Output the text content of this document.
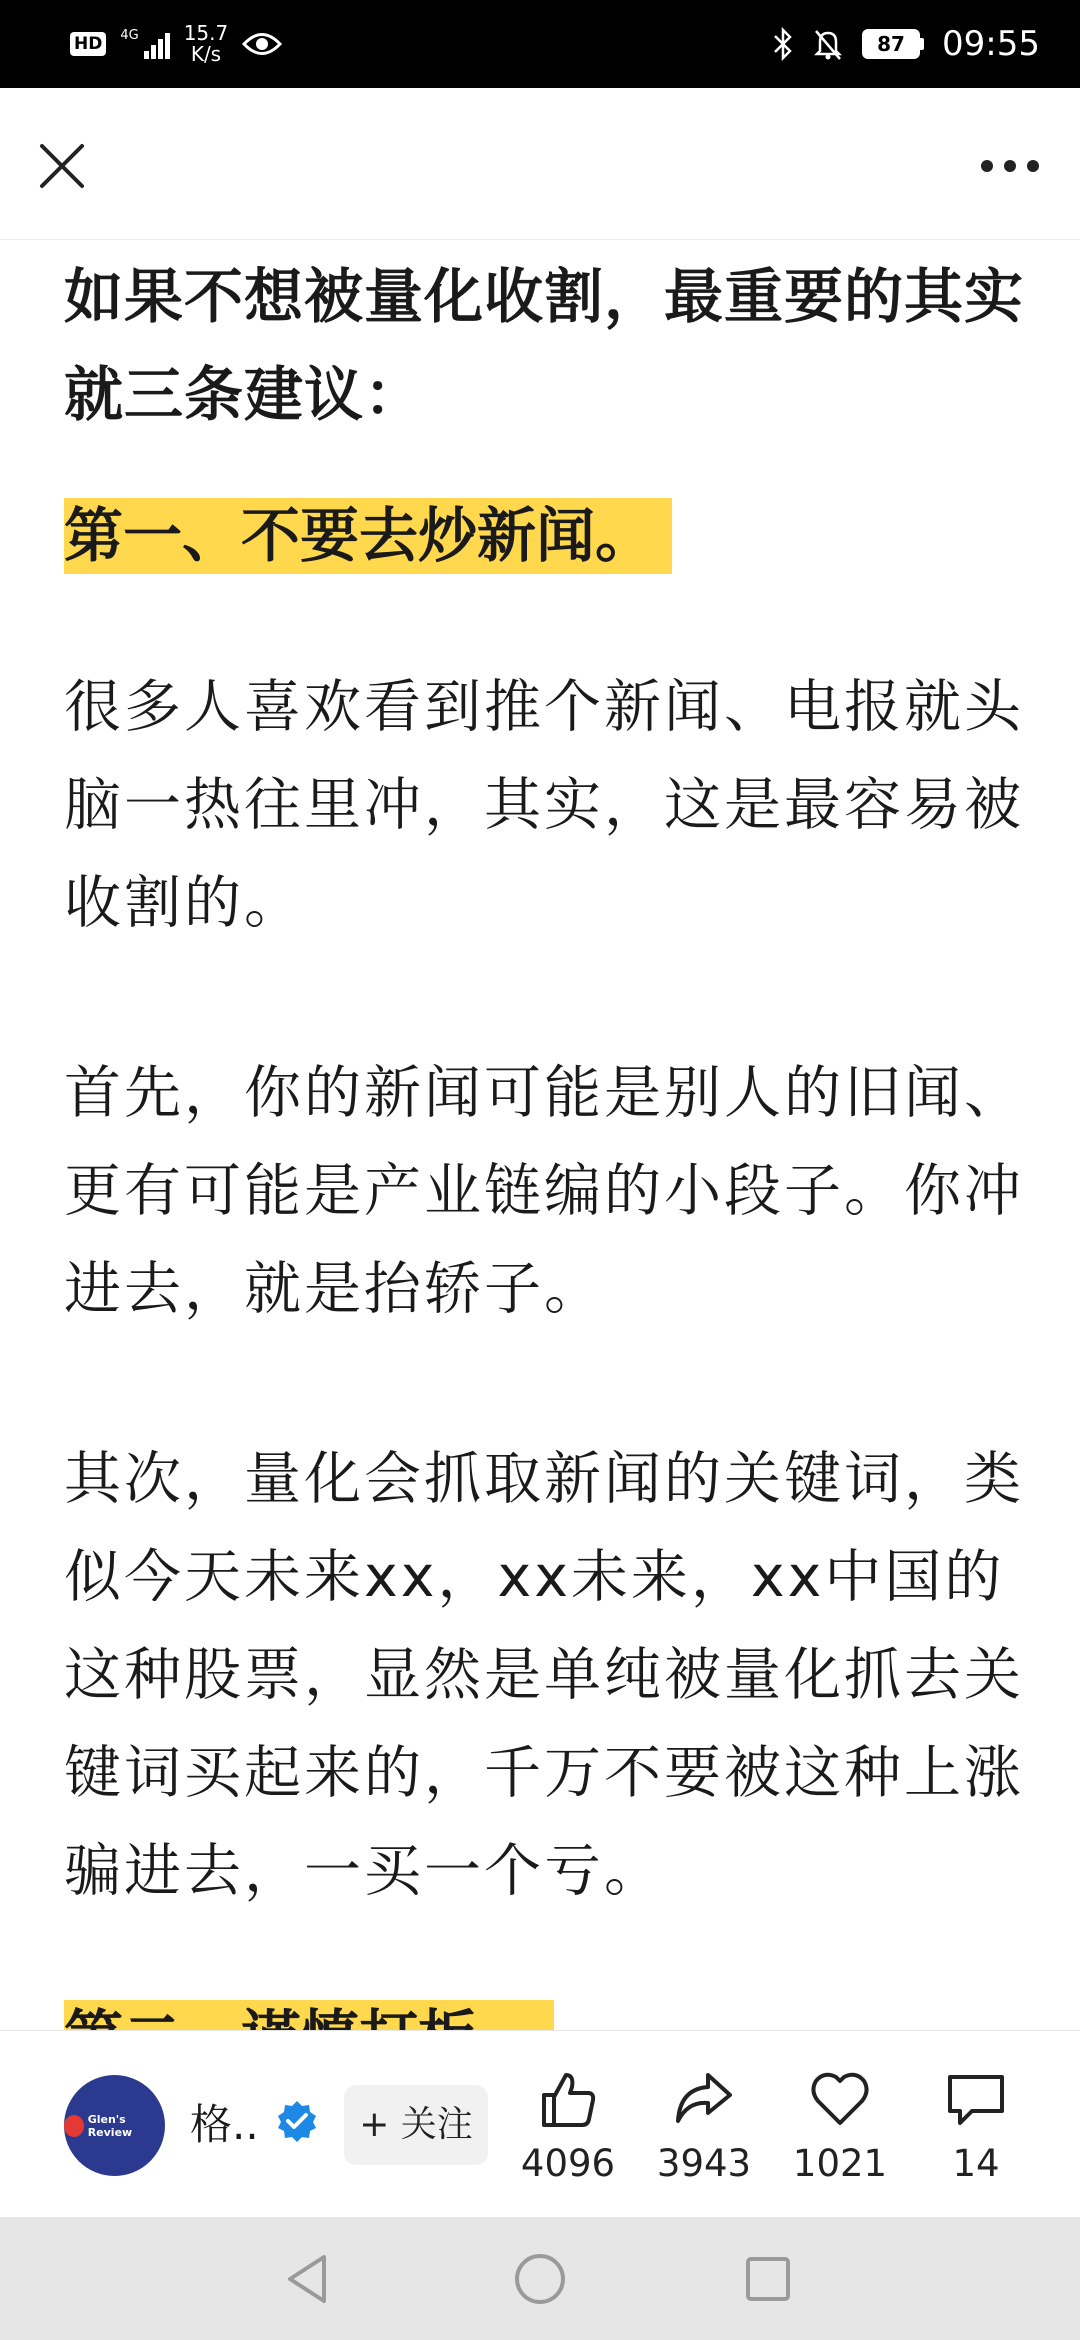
HD	4G 15.7
K/s	87	09:55
如果不想被量化收割，最重要的其实就三条建议：
第一、不要去炒新闻。
很多人喜欢看到推个新闻、电报就头脑一热往里冲，其实，这是最容易被收割的。
首先，你的新闻可能是别人的旧闻、更有可能是产业链编的小段子。你冲进去，就是抬轿子。
其次，量化会抓取新闻的关键词，类似今天未来xx，xx未来，xx中国的这种股票，显然是单纯被量化抓去关键词买起来的，千万不要被这种上涨骗进去，一买一个亏。
Glen's Review	格..	+ 关注
4096	3943	1021	14
